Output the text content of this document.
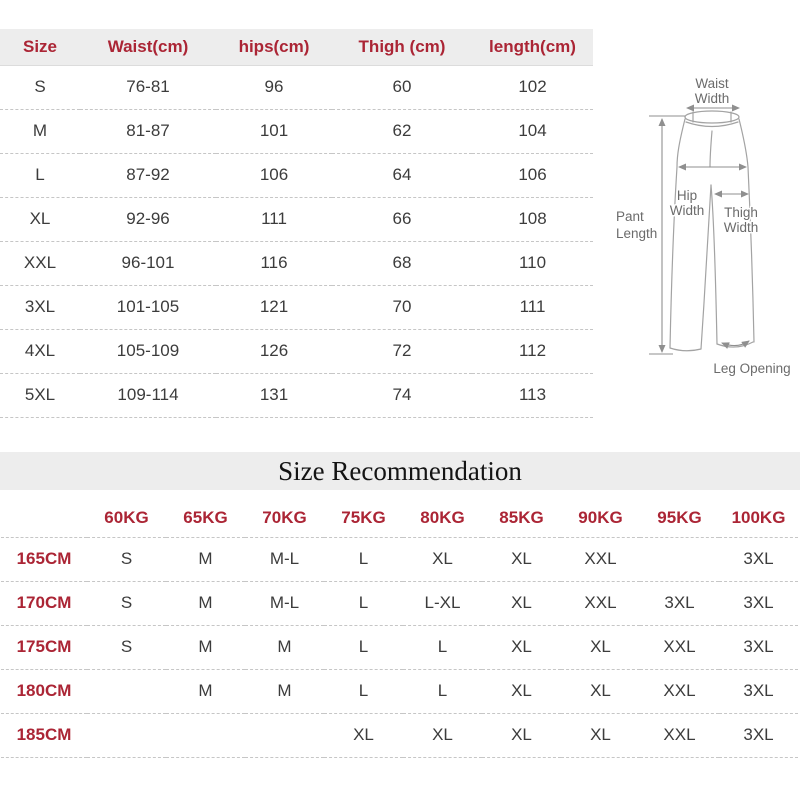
Size	Waist(cm)	hips(cm)	Thigh (cm)	length(cm)
S	76-81	96	60	102
M	81-87	101	62	104
L	87-92	106	64	106
XL	92-96	111	66	108
XXL	96-101	116	68	110
3XL	101-105	121	70	111
4XL	105-109	126	72	112
5XL	109-114	131	74	113
Waist
Width
Hip
Width Thigh
Width
Pant
Length
Leg Opening
Size Recommendation
	60KG	65KG	70KG	75KG	80KG	85KG	90KG	95KG	100KG
165CM	S	M	M-L	L	XL	XL	XXL		3XL
170CM	S	M	M-L	L	L-XL	XL	XXL	3XL	3XL
175CM	S	M	M	L	L	XL	XL	XXL	3XL
180CM		M	M	L	L	XL	XL	XXL	3XL
185CM				XL	XL	XL	XL	XXL	3XL
